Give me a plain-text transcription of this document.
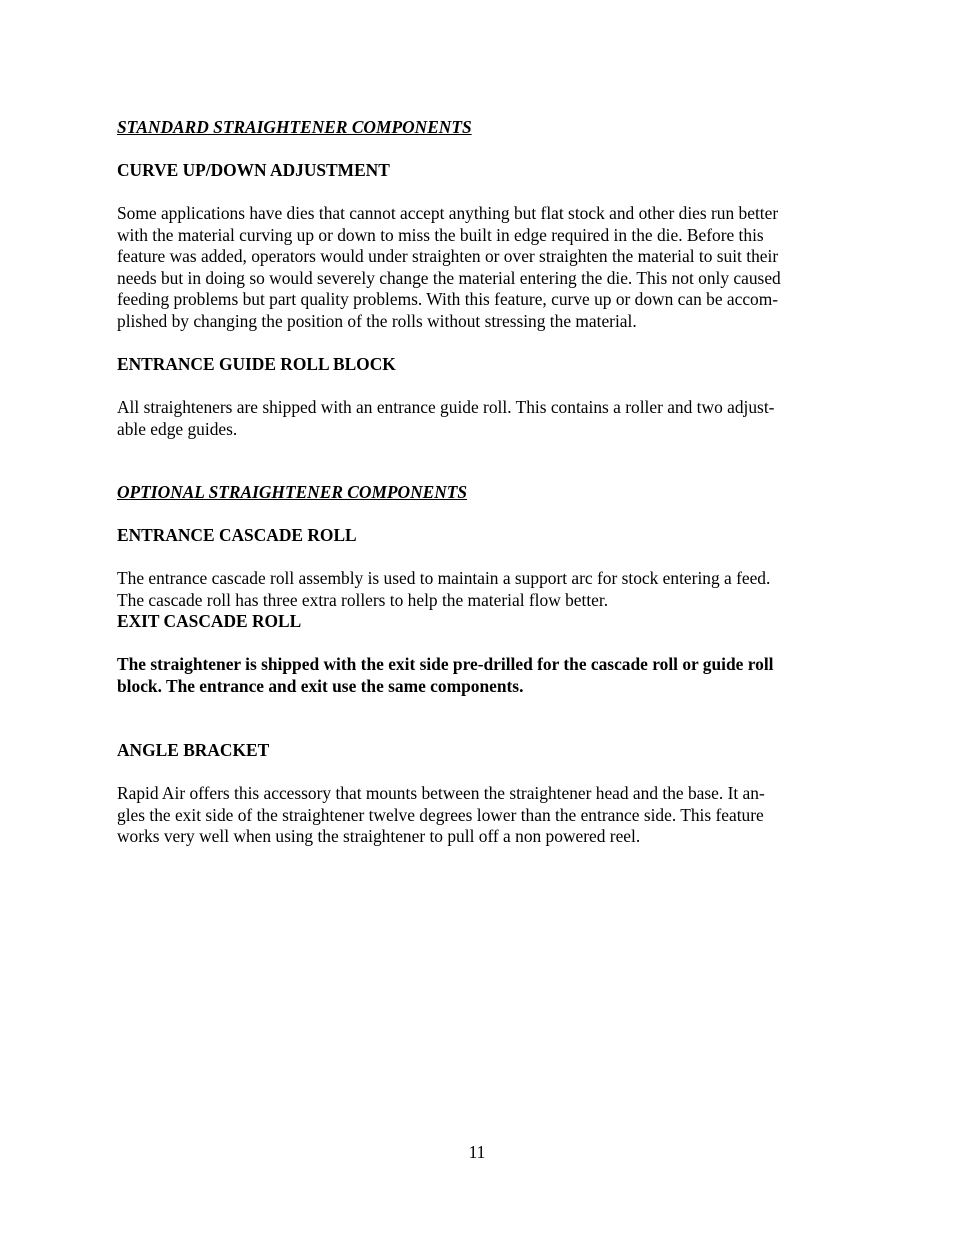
STANDARD STRAIGHTENER COMPONENTS
CURVE UP/DOWN ADJUSTMENT
Some applications have dies that cannot accept anything but flat stock and other dies run better
with the material curving up or down to miss the built in edge required in the die. Before this
feature was added, operators would under straighten or over straighten the material to suit their
needs but in doing so would severely change the material entering the die. This not only caused
feeding problems but part quality problems. With this feature, curve up or down can be accom-
plished by changing the position of the rolls without stressing the material.
ENTRANCE GUIDE ROLL BLOCK
All straighteners are shipped with an entrance guide roll. This contains a roller and two adjust-
able edge guides.
OPTIONAL STRAIGHTENER COMPONENTS
ENTRANCE CASCADE ROLL
The entrance cascade roll assembly is used to maintain a support arc for stock entering a feed.
The cascade roll has three extra rollers to help the material flow better.
EXIT CASCADE ROLL
The straightener is shipped with the exit side pre-drilled for the cascade roll or guide roll
block. The entrance and exit use the same components.
ANGLE BRACKET
Rapid Air offers this accessory that mounts between the straightener head and the base. It an-
gles the exit side of the straightener twelve degrees lower than the entrance side. This feature
works very well when using the straightener to pull off a non powered reel.
11
